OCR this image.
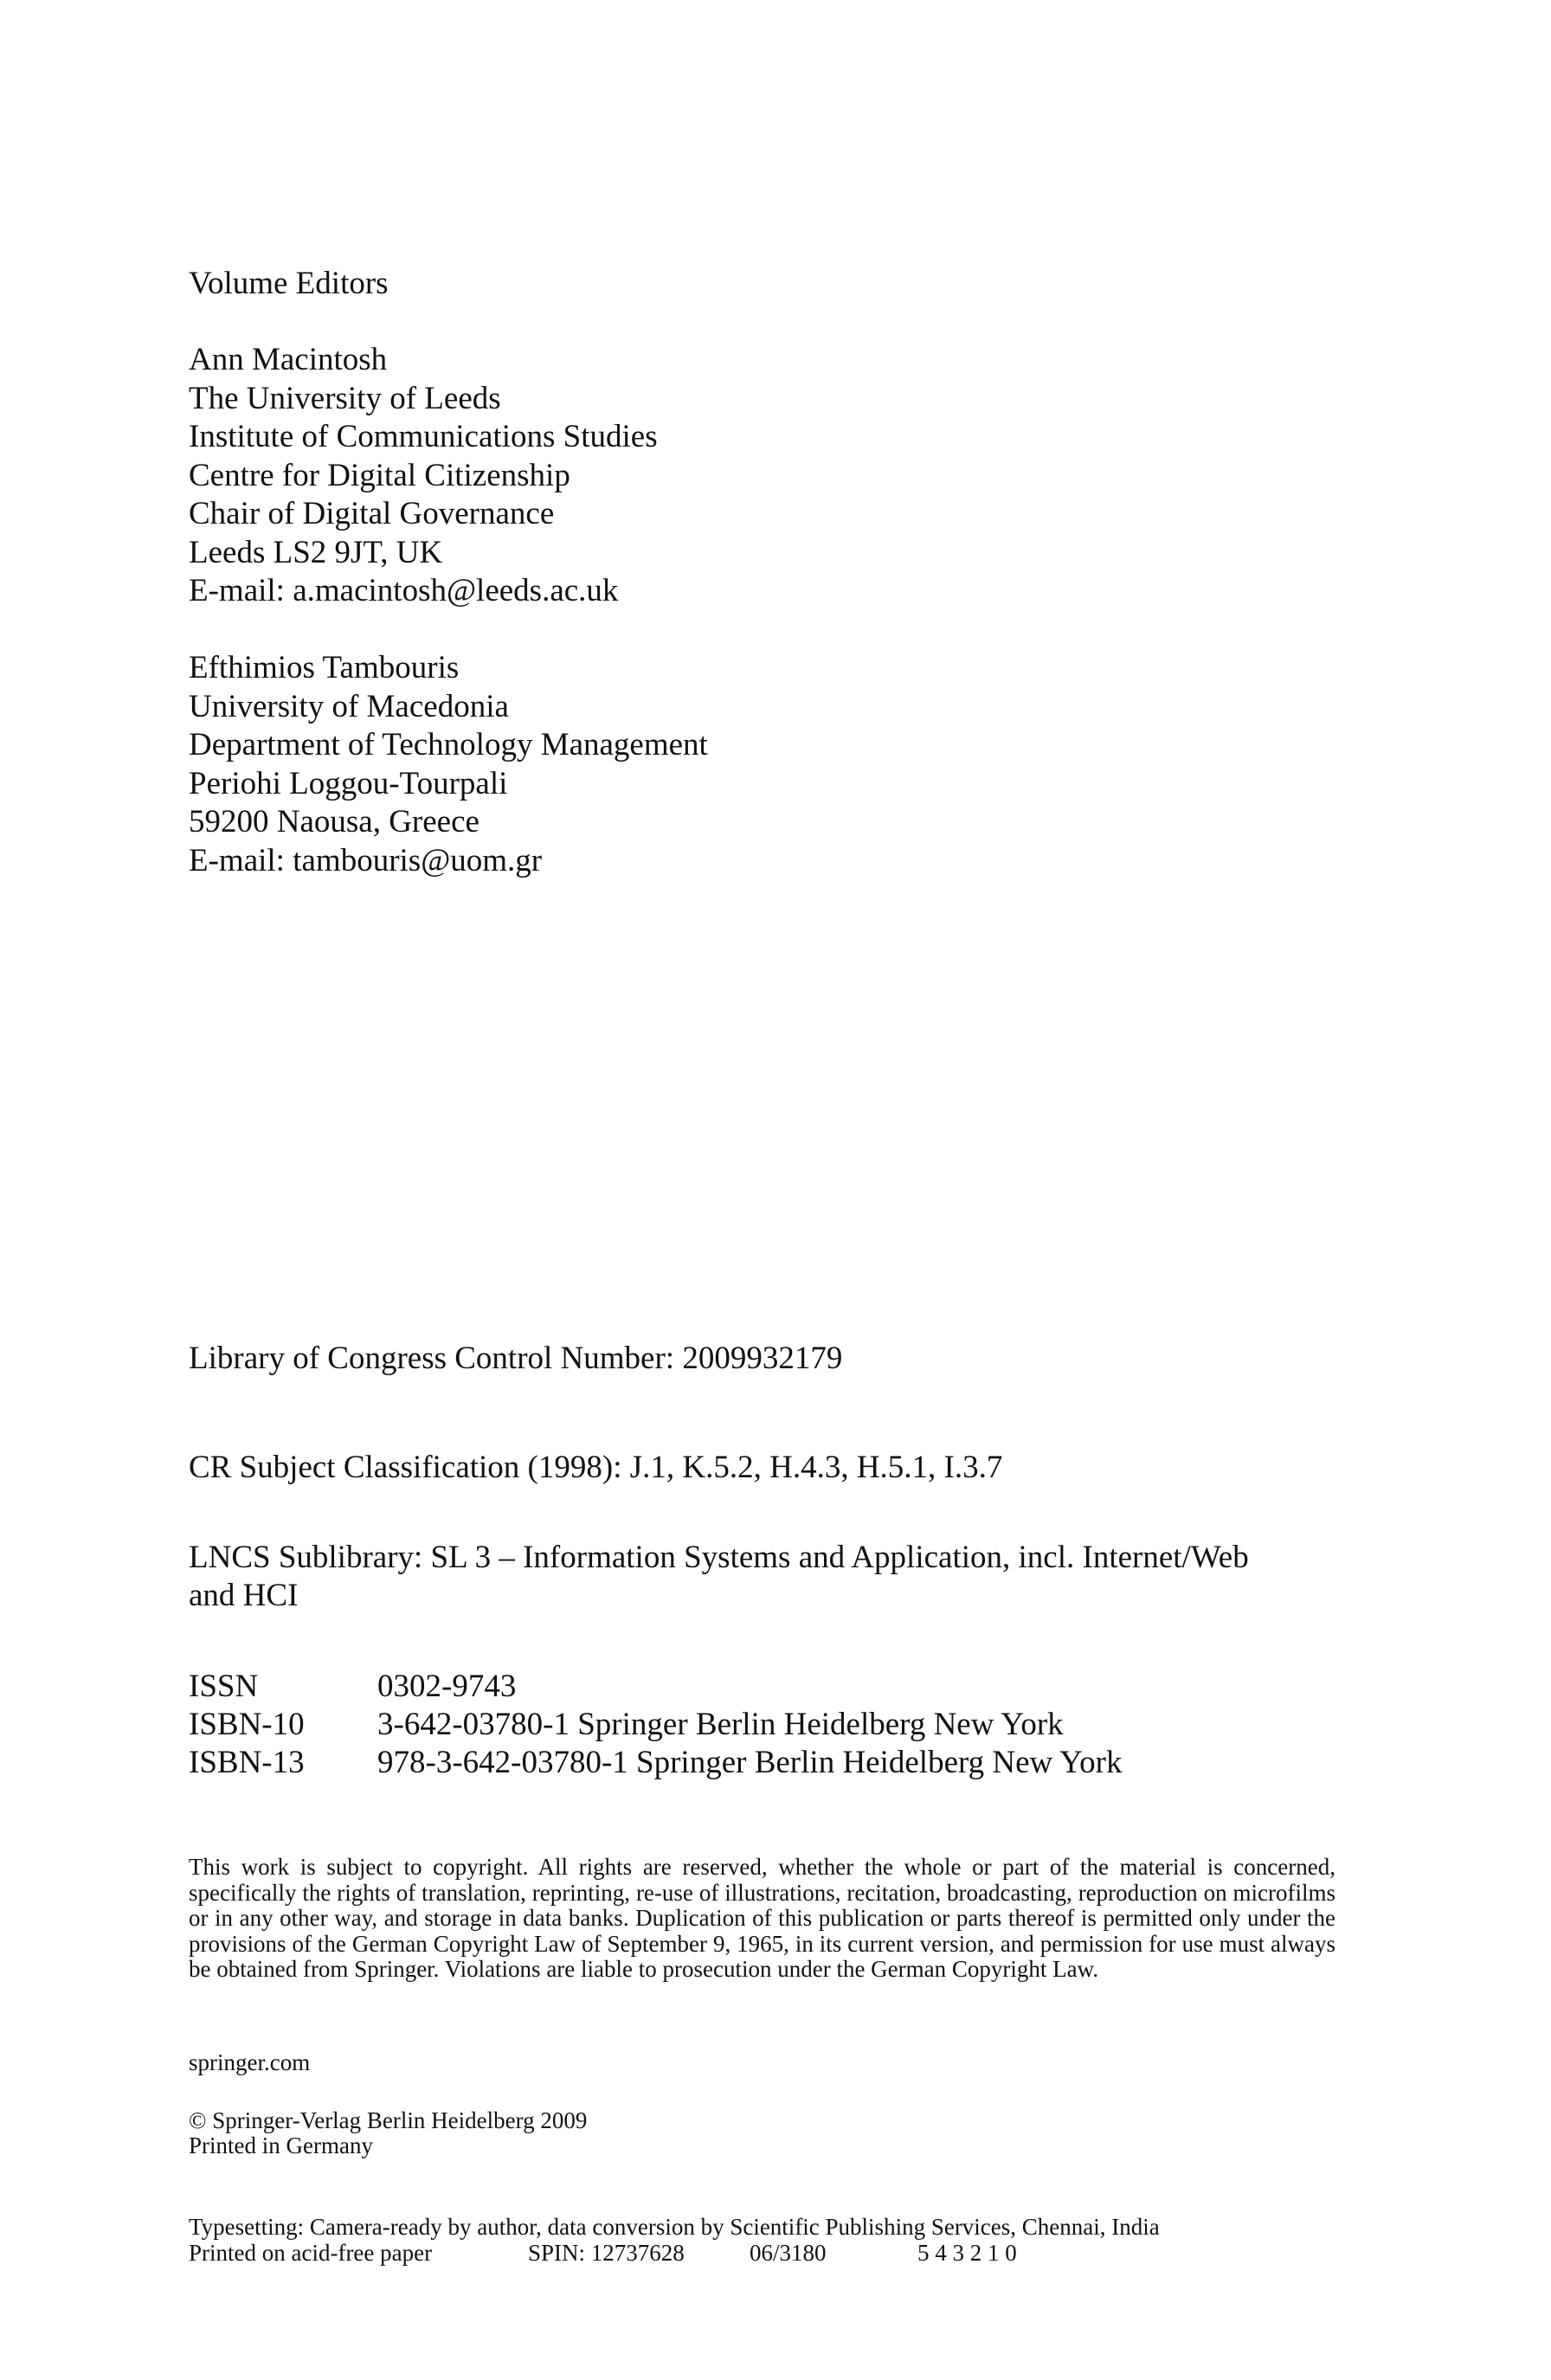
Volume Editors
Ann Macintosh
The University of Leeds
Institute of Communications Studies
Centre for Digital Citizenship
Chair of Digital Governance
Leeds LS2 9JT, UK
E-mail: a.macintosh@leeds.ac.uk
Efthimios Tambouris
University of Macedonia
Department of Technology Management
Periohi Loggou-Tourpali
59200 Naousa, Greece
E-mail: tambouris@uom.gr
Library of Congress Control Number: 2009932179
CR Subject Classification (1998): J.1, K.5.2, H.4.3, H.5.1, I.3.7
LNCS Sublibrary: SL 3 – Information Systems and Application, incl. Internet/Web
and HCI
ISSN	0302-9743
ISBN-10 3-642-03780-1 Springer Berlin Heidelberg New York
ISBN-13 978-3-642-03780-1 Springer Berlin Heidelberg New York
This work is subject to copyright. All rights are reserved, whether the whole or part of the material is concerned, specifically the rights of translation, reprinting, re-use of illustrations, recitation, broadcasting, reproduction on microfilms or in any other way, and storage in data banks. Duplication of this publication or parts thereof is permitted only under the provisions of the German Copyright Law of September 9, 1965, in its current version, and permission for use must always be obtained from Springer. Violations are liable to prosecution under the German Copyright Law.
springer.com
© Springer-Verlag Berlin Heidelberg 2009
Printed in Germany
Typesetting: Camera-ready by author, data conversion by Scientific Publishing Services, Chennai, India
Printed on acid-free paper	SPIN: 12737628	06/3180	5 4 3 2 1 0
